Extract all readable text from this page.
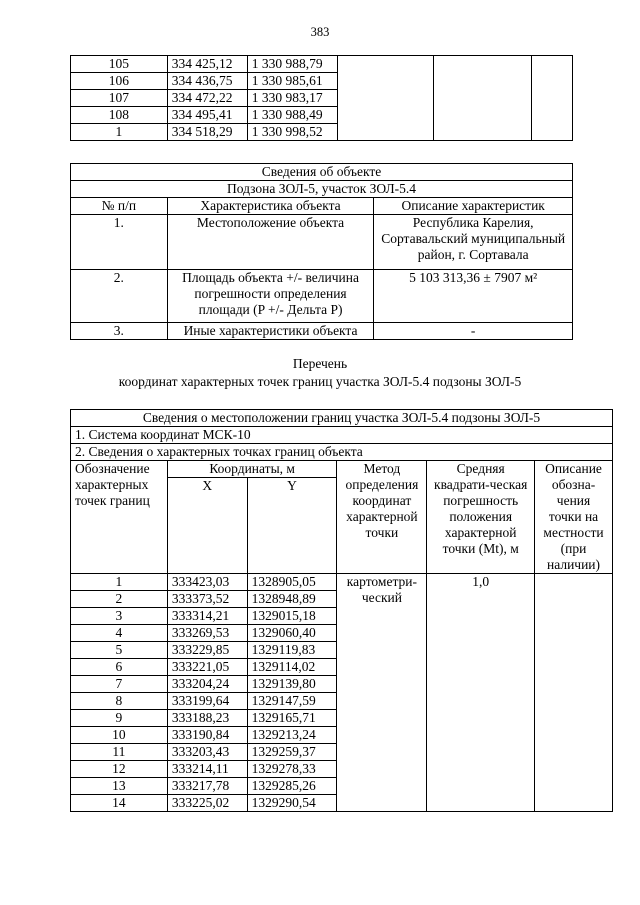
383
105	334 425,12	1 330 988,79			
106	334 436,75	1 330 985,61			
107	334 472,22	1 330 983,17			
108	334 495,41	1 330 988,49			
1	334 518,29	1 330 998,52			
Сведения об объекте		
Подзона ЗОЛ-5, участок ЗОЛ-5.4		
№ п/п	Характеристика объекта	Описание характеристик
1.	Местоположение объекта	Республика Карелия, Сортавальский муниципальный район, г. Сортавала
2.	Площадь объекта +/- величина погрешности определения площади (P +/- Дельта P)	5 103 313,36 ± 7907 м²
3.	Иные характеристики объекта	-
Перечень
координат характерных точек границ участка ЗОЛ-5.4 подзоны ЗОЛ-5
Сведения о местоположении границ участка ЗОЛ-5.4 подзоны ЗОЛ-5					
1. Система координат МСК-10					
2. Сведения о характерных точках границ объекта					
Обозначение характерных точек границ	Координаты, м		Метод определения координат характерной точки	Средняя квадрати-ческая погрешность положения характерной точки (Mt), м	Описание обозна-чения точки на местности (при наличии)
	X	Y			
1	333423,03	1328905,05	картометри-ческий	1,0	
2	333373,52	1328948,89			
3	333314,21	1329015,18			
4	333269,53	1329060,40			
5	333229,85	1329119,83			
6	333221,05	1329114,02			
7	333204,24	1329139,80			
8	333199,64	1329147,59			
9	333188,23	1329165,71			
10	333190,84	1329213,24			
11	333203,43	1329259,37			
12	333214,11	1329278,33			
13	333217,78	1329285,26			
14	333225,02	1329290,54			
